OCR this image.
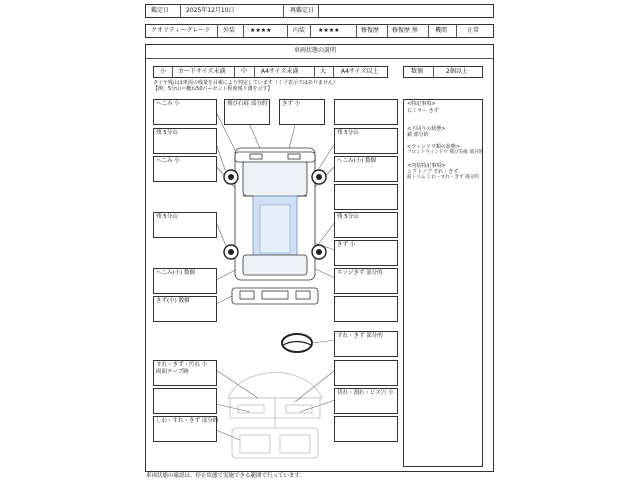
鑑定日	2025年12月10日	再鑑定日
クオリティーグレード 外装 ★★★★	内装 ★★★★	修復歴 修復歴 無	機関	正常
車両状態の説明
小 カードサイズ未満	中 A4サイズ未満	大 A4サイズ以上	数個	2個以上
タイヤ残山は車両の残量を目視により判定しています（ミゾ表示ではありません）
【例：5分山＝概ね50パーセント程度残り溝を示す】
へこみ 小
残 5分山
へこみ 小
残 5分山
へこみ(小) 数個
きず(小) 数個
飛び石痕 部分的	きず 小
残 5分山
へこみ(小) 数個
残 5分山
きず 小
エッジきず 部分的
すれ・きず 部分的
すれ・きず・汚れ 小
両面テープ跡
切れ・割れ・ビス穴 小
しわ・すれ・きず 部分的
<特記事項>
右ミラー きず
<下回りの状態>
錆 部分的
<ウィンドウ類の状態>
フロントウィンドウ 飛び石痕 部分的
<内装特記事項>
シフトノブ すれ・きず
前トリム しわ・すれ・きず 部分的
車両状態の確認は，停止状態で実施できる範囲で行っています。
